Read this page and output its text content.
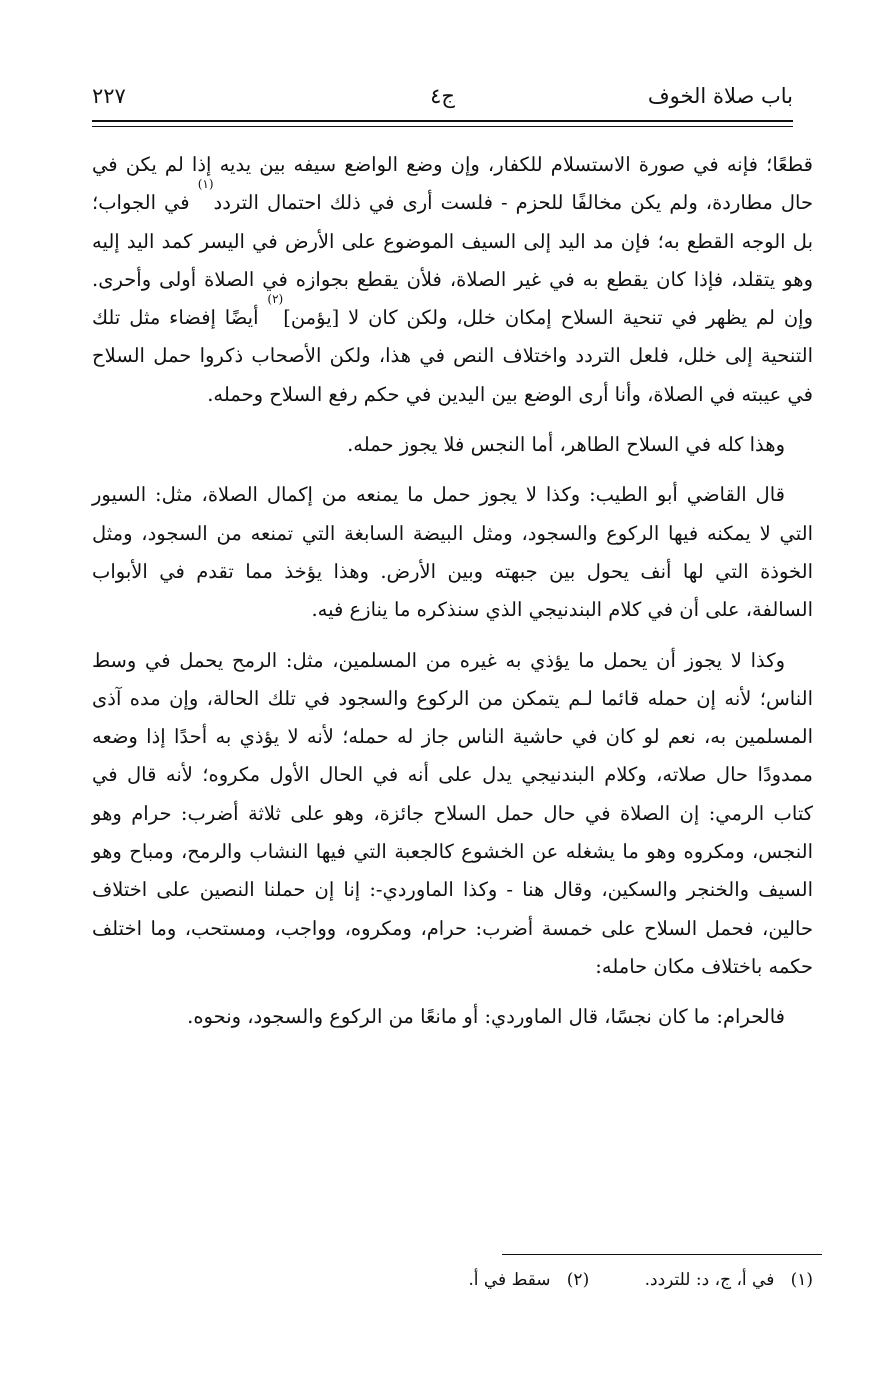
باب صلاة الخوف
ج٤
٢٢٧

قطعًا؛ فإنه في صورة الاستسلام للكفار، وإن وضع الواضع سيفه بين يديه إذا لم يكن في حال مطاردة، ولم يكن مخالفًا للحزم - فلست أرى في ذلك احتمال التردد$^{(١)}$ في الجواب؛ بل الوجه القطع به؛ فإن مد اليد إلى السيف الموضوع على الأرض في اليسر كمد اليد إليه وهو يتقلد، فإذا كان يقطع به في غير الصلاة، فلأن يقطع بجوازه في الصلاة أولى وأحرى. وإن لم يظهر في تنحية السلاح إمكان خلل، ولكن كان لا [يؤمن]$^{(٢)}$ أيضًا إفضاء مثل تلك التنحية إلى خلل، فلعل التردد واختلاف النص في هذا، ولكن الأصحاب ذكروا حمل السلاح في عيبته في الصلاة، وأنا أرى الوضع بين اليدين في حكم رفع السلاح وحمله.

وهذا كله في السلاح الطاهر، أما النجس فلا يجوز حمله.

قال القاضي أبو الطيب: وكذا لا يجوز حمل ما يمنعه من إكمال الصلاة، مثل: السيور التي لا يمكنه فيها الركوع والسجود، ومثل البيضة السابغة التي تمنعه من السجود، ومثل الخوذة التي لها أنف يحول بين جبهته وبين الأرض. وهذا يؤخذ مما تقدم في الأبواب السالفة، على أن في كلام البندنيجي الذي سنذكره ما ينازع فيه.

وكذا لا يجوز أن يحمل ما يؤذي به غيره من المسلمين، مثل: الرمح يحمل في وسط الناس؛ لأنه إن حمله قائما لـم يتمكن من الركوع والسجود في تلك الحالة، وإن مده آذى المسلمين به، نعم لو كان في حاشية الناس جاز له حمله؛ لأنه لا يؤذي به أحدًا إذا وضعه ممدودًا حال صلاته، وكلام البندنيجي يدل على أنه في الحال الأول مكروه؛ لأنه قال في كتاب الرمي: إن الصلاة في حال حمل السلاح جائزة، وهو على ثلاثة أضرب: حرام وهو النجس، ومكروه وهو ما يشغله عن الخشوع كالجعبة التي فيها النشاب والرمح، ومباح وهو السيف والخنجر والسكين، وقال هنا - وكذا الماوردي-: إنا إن حملنا النصين على اختلاف حالين، فحمل السلاح على خمسة أضرب: حرام، ومكروه، وواجب، ومستحب، وما اختلف حكمه باختلاف مكان حامله:

فالحرام: ما كان نجسًا، قال الماوردي: أو مانعًا من الركوع والسجود، ونحوه.

(١)   في أ، ج، د: للتردد. (٢)   سقط في أ.
